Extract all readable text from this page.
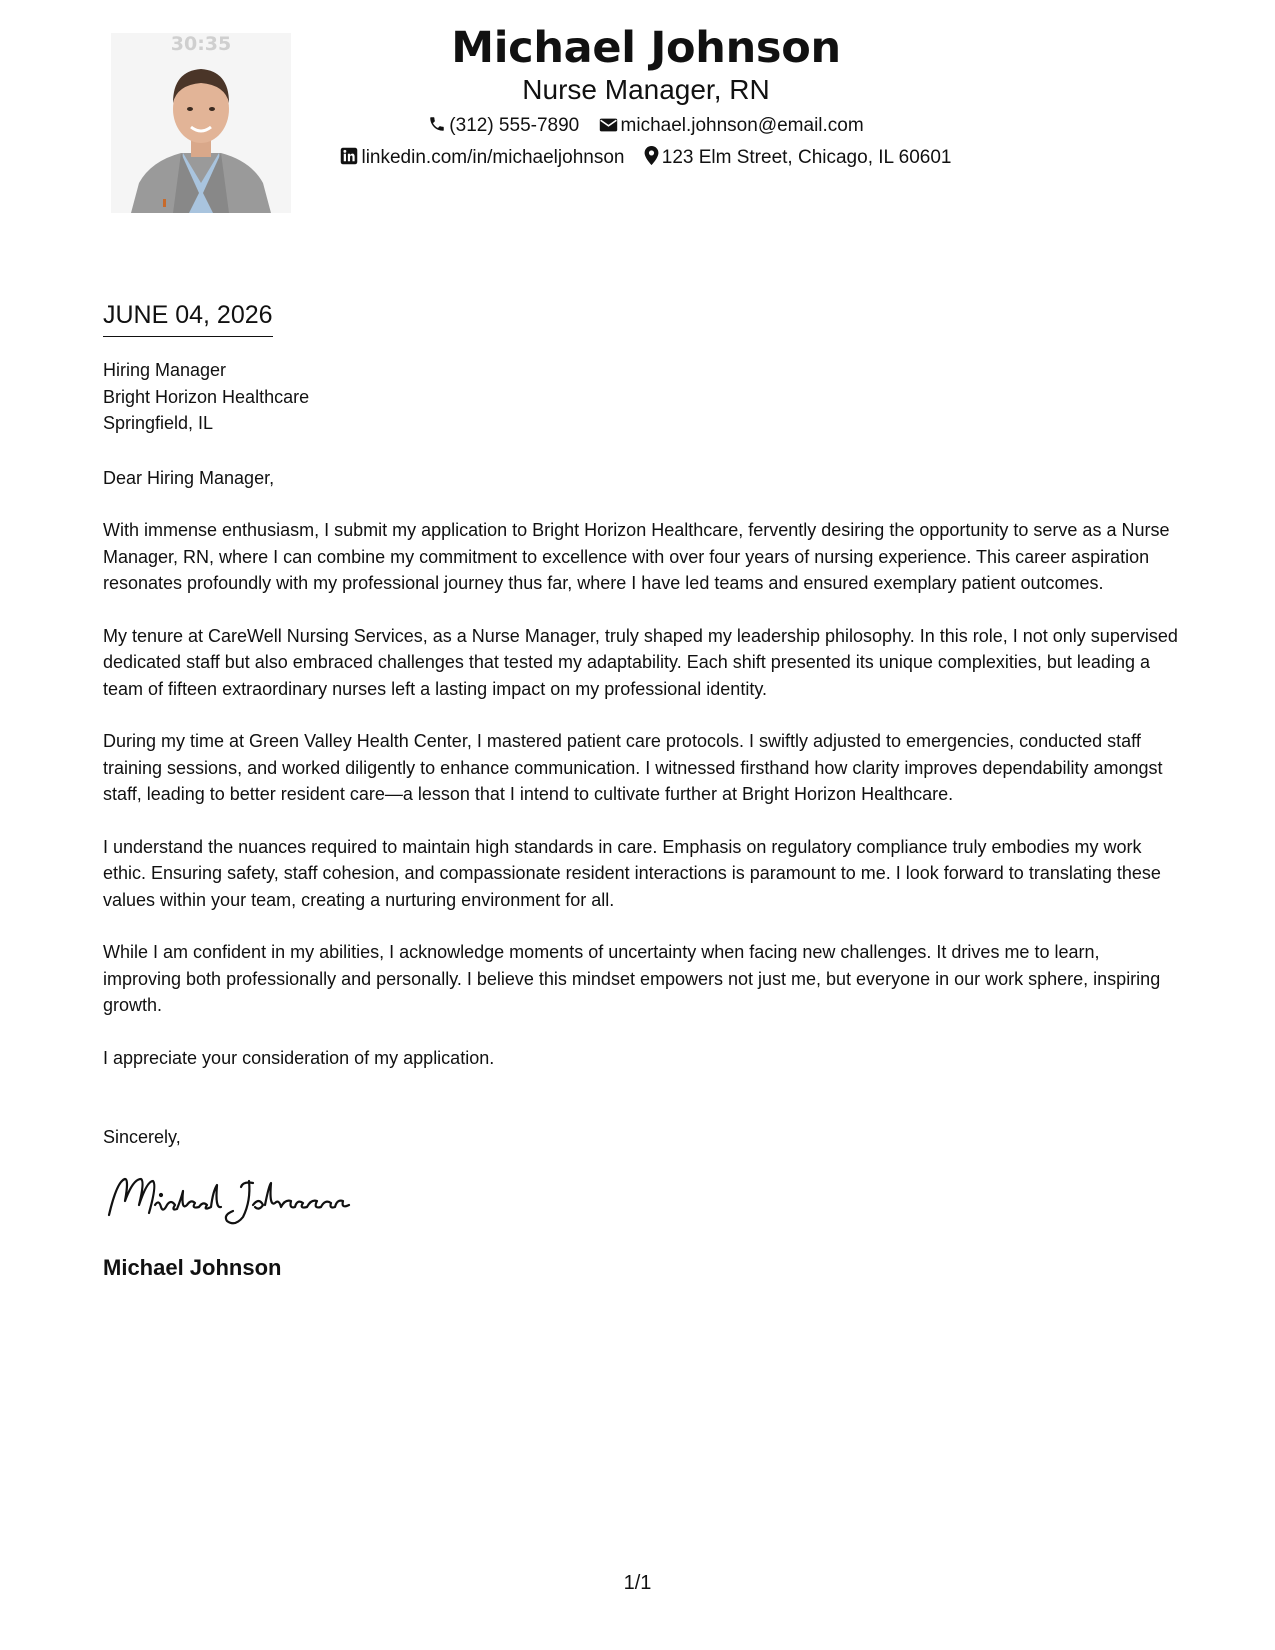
30:35	Michael Johnson
Nurse Manager, RN
(312) 555-7890 michael.johnson@email.com
linkedin.com/in/michaeljohnson 123 Elm Street, Chicago, IL 60601
JUNE 04, 2026
Hiring Manager
Bright Horizon Healthcare
Springfield, IL
Dear Hiring Manager,
With immense enthusiasm, I submit my application to Bright Horizon Healthcare, fervently desiring the opportunity to serve as a Nurse Manager, RN, where I can combine my commitment to excellence with over four years of nursing experience. This career aspiration resonates profoundly with my professional journey thus far, where I have led teams and ensured exemplary patient outcomes.
My tenure at CareWell Nursing Services, as a Nurse Manager, truly shaped my leadership philosophy. In this role, I not only supervised dedicated staff but also embraced challenges that tested my adaptability. Each shift presented its unique complexities, but leading a team of fifteen extraordinary nurses left a lasting impact on my professional identity.
During my time at Green Valley Health Center, I mastered patient care protocols. I swiftly adjusted to emergencies, conducted staff training sessions, and worked diligently to enhance communication. I witnessed firsthand how clarity improves dependability amongst staff, leading to better resident care—a lesson that I intend to cultivate further at Bright Horizon Healthcare.
I understand the nuances required to maintain high standards in care. Emphasis on regulatory compliance truly embodies my work ethic. Ensuring safety, staff cohesion, and compassionate resident interactions is paramount to me. I look forward to translating these values within your team, creating a nurturing environment for all.
While I am confident in my abilities, I acknowledge moments of uncertainty when facing new challenges. It drives me to learn, improving both professionally and personally. I believe this mindset empowers not just me, but everyone in our work sphere, inspiring growth.
I appreciate your consideration of my application.
Sincerely,
Michael Johnson
1/1
